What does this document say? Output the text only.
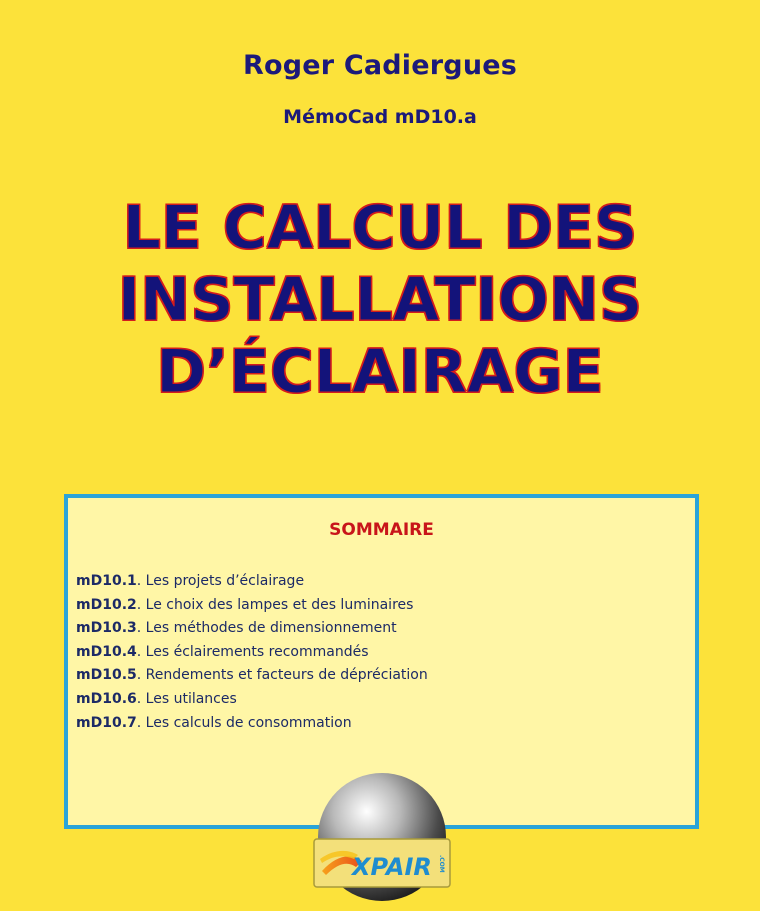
Roger Cadiergues
MémoCad mD10.a
LE CALCUL DES
INSTALLATIONS
D’ÉCLAIRAGE
SOMMAIRE
mD10.1. Les projets d’éclairage
mD10.2. Le choix des lampes et des luminaires
mD10.3. Les méthodes de dimensionnement
mD10.4. Les éclairements recommandés
mD10.5. Rendements et facteurs de dépréciation
mD10.6. Les utilances
mD10.7. Les calculs de consommation
XPAIR .COM
